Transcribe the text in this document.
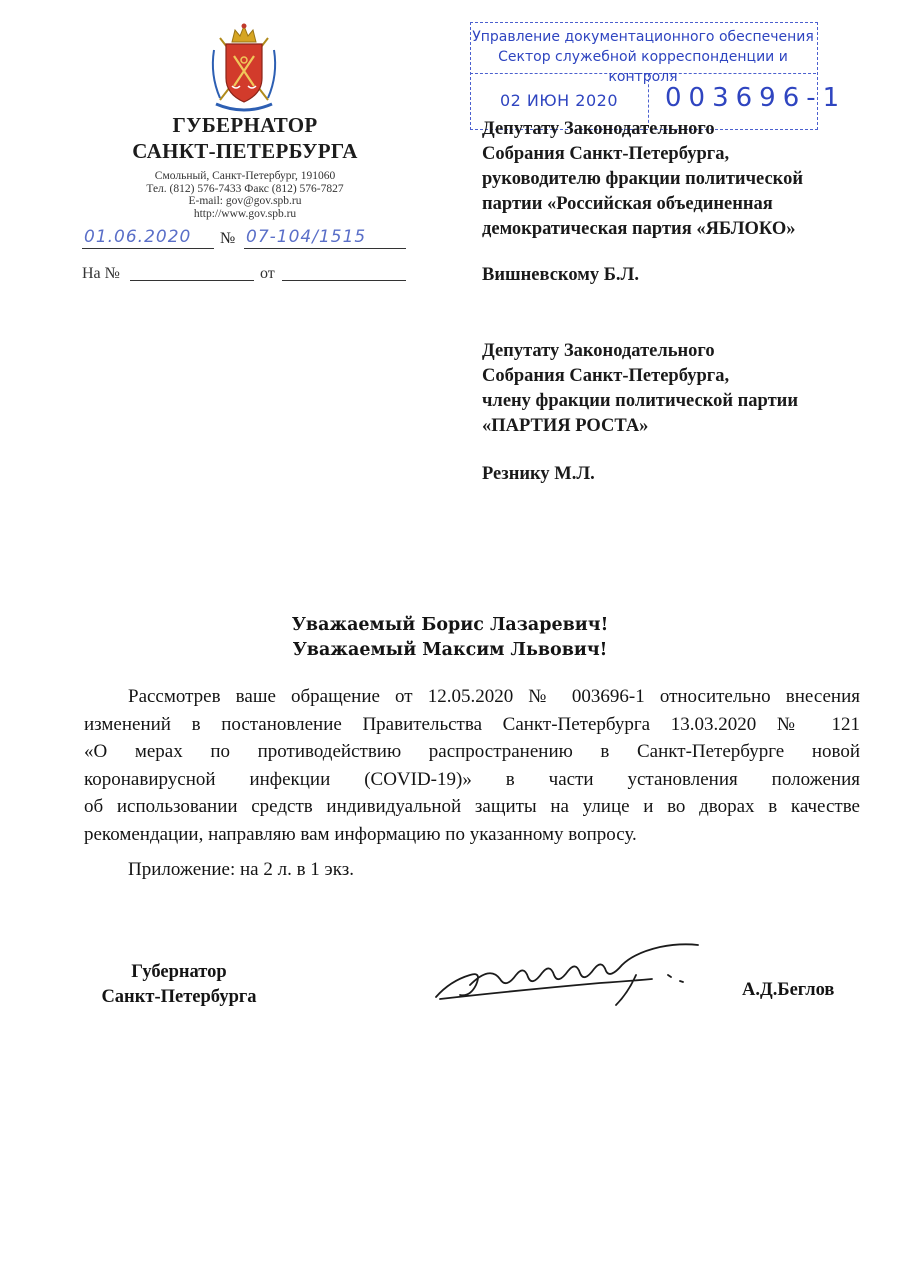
ГУБЕРНАТОР
САНКТ-ПЕТЕРБУРГА
Смольный, Санкт-Петербург, 191060
Тел. (812) 576-7433 Факс (812) 576-7827
E-mail: gov@gov.spb.ru
http://www.gov.spb.ru
01.06.2020	№ 07-104/1515
На №	от
Управление документационного обеспечения
Сектор служебной корреспонденции и контроля
02 ИЮН 2020	003696-1
Депутату Законодательного
Собрания Санкт-Петербурга,
руководителю фракции политической
партии «Российская объединенная
демократическая партия «ЯБЛОКО»
Вишневскому Б.Л.
Депутату Законодательного
Собрания Санкт-Петербурга,
члену фракции политической партии
«ПАРТИЯ РОСТА»
Резнику М.Л.
Уважаемый Борис Лазаревич!
Уважаемый Максим Львович!
Рассмотрев ваше обращение от 12.05.2020 № 003696-1 относительно внесения
изменений в постановление Правительства Санкт-Петербурга 13.03.2020 № 121
«О мерах по противодействию распространению в Санкт-Петербурге новой
коронавирусной инфекции (COVID-19)» в части установления положения
об использовании средств индивидуальной защиты на улице и во дворах в качестве
рекомендации, направляю вам информацию по указанному вопросу.
Приложение: на 2 л. в 1 экз.
Губернатор
Санкт-Петербурга	А.Д.Беглов
